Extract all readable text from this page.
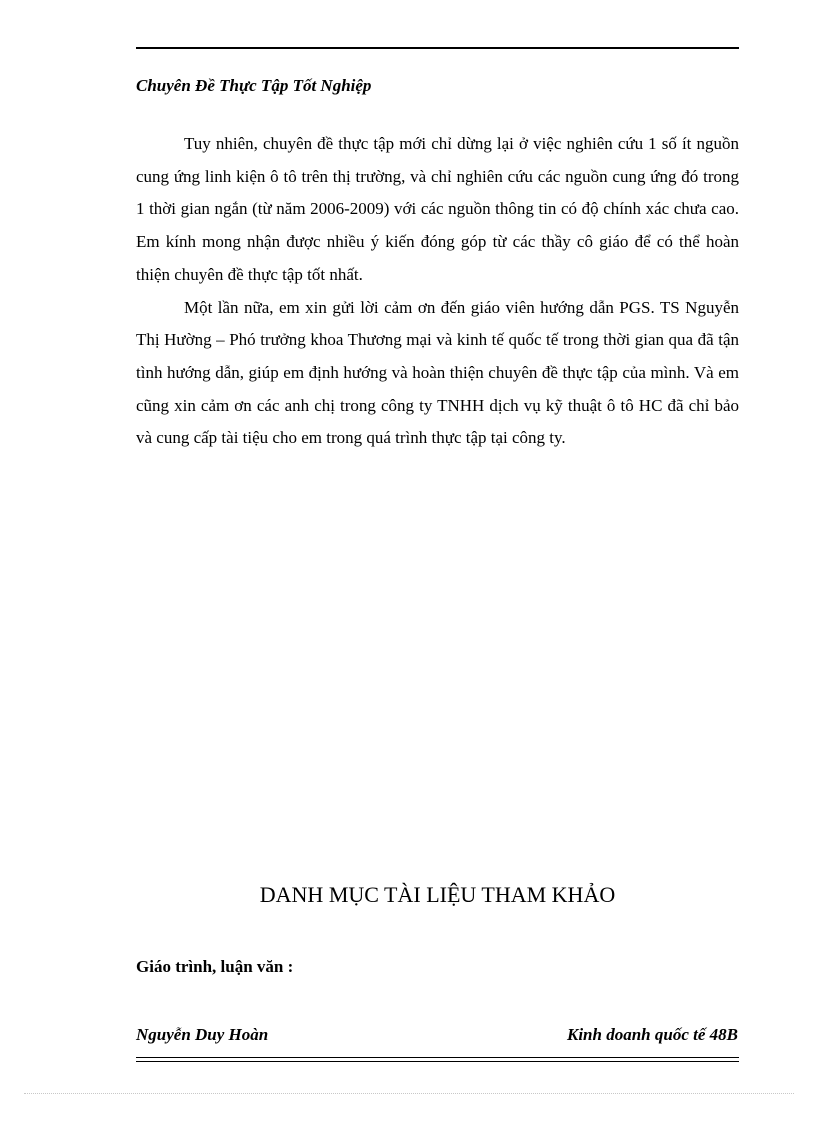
Chuyên Đề Thực Tập Tốt Nghiệp

Tuy nhiên, chuyên đề thực tập mới chỉ dừng lại ở việc nghiên cứu 1 số ít nguồn cung ứng linh kiện ô tô trên thị trường, và chỉ nghiên cứu các nguồn cung ứng đó trong 1 thời gian ngắn (từ năm 2006-2009) với các nguồn thông tin có độ chính xác chưa cao. Em kính mong nhận được nhiều ý kiến đóng góp từ các thầy cô giáo để có thể hoàn thiện chuyên đề thực tập tốt nhất.

Một lần nữa, em xin gửi lời cảm ơn đến giáo viên hướng dẫn PGS. TS Nguyễn Thị Hường – Phó trưởng khoa Thương mại và kinh tế quốc tế trong thời gian qua đã tận tình hướng dẫn, giúp em định hướng và hoàn thiện chuyên đề thực tập của mình. Và em cũng xin cảm ơn các anh chị trong công ty TNHH dịch vụ kỹ thuật ô tô HC đã chỉ bảo và cung cấp tài tiệu cho em trong quá trình thực tập tại công ty.

DANH MỤC TÀI LIỆU THAM KHẢO
Giáo trình, luận văn :
Nguyễn Duy Hoàn	Kinh doanh quốc tế 48B
